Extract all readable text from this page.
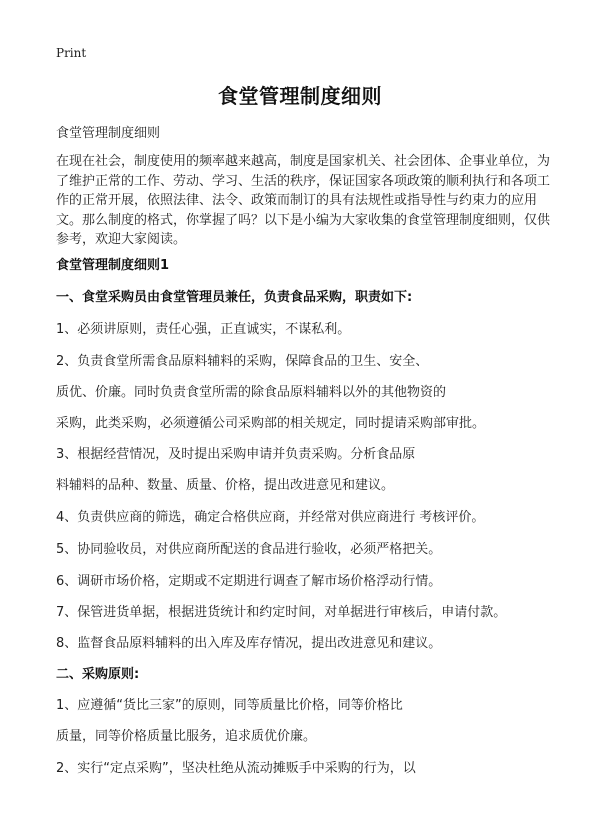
Print
食堂管理制度细则
食堂管理制度细则
在现在社会，制度使用的频率越来越高，制度是国家机关、社会团体、企事业单位，为了维护正常的工作、劳动、学习、生活的秩序，保证国家各项政策的顺利执行和各项工作的正常开展，依照法律、法令、政策而制订的具有法规性或指导性与约束力的应用文。那么制度的格式，你掌握了吗？以下是小编为大家收集的食堂管理制度细则，仅供参考，欢迎大家阅读。
食堂管理制度细则1
一、食堂采购员由食堂管理员兼任，负责食品采购，职责如下:
1、必须讲原则，责任心强，正直诚实，不谋私利。
2、负责食堂所需食品原料辅料的采购，保障食品的卫生、安全、
质优、价廉。同时负责食堂所需的除食品原料辅料以外的其他物资的
采购，此类采购，必须遵循公司采购部的相关规定，同时提请采购部审批。
3、根据经营情况，及时提出采购申请并负责采购。分析食品原
料辅料的品种、数量、质量、价格，提出改进意见和建议。
4、负责供应商的筛选，确定合格供应商，并经常对供应商进行 考核评价。
5、协同验收员，对供应商所配送的食品进行验收，必须严格把关。
6、调研市场价格，定期或不定期进行调查了解市场价格浮动行情。
7、保管进货单据，根据进货统计和约定时间，对单据进行审核后，申请付款。
8、监督食品原料辅料的出入库及库存情况，提出改进意见和建议。
二、采购原则:
1、应遵循“货比三家”的原则，同等质量比价格，同等价格比
质量，同等价格质量比服务，追求质优价廉。
2、实行“定点采购”，坚决杜绝从流动摊贩手中采购的行为，以
